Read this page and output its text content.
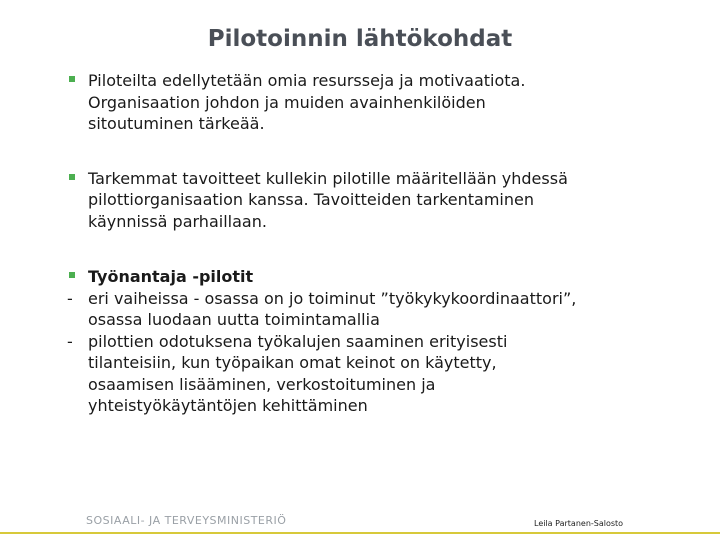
Pilotoinnin lähtökohdat
Piloteilta edellytetään omia resursseja ja motivaatiota.
Organisaation johdon ja muiden avainhenkilöiden
sitoutuminen tärkeää.
Tarkemmat tavoitteet kullekin pilotille määritellään yhdessä
pilottiorganisaation kanssa. Tavoitteiden tarkentaminen
käynnissä parhaillaan.
Työnantaja -pilotit
- eri vaiheissa - osassa on jo toiminut ”työkykykoordinaattori”,
osassa luodaan uutta toimintamallia
- pilottien odotuksena työkalujen saaminen erityisesti
tilanteisiin, kun työpaikan omat keinot on käytetty,
osaamisen lisääminen, verkostoituminen ja
yhteistyökäytäntöjen kehittäminen
SOSIAALI- JA TERVEYSMINISTERIÖ	Leila Partanen-Salosto
